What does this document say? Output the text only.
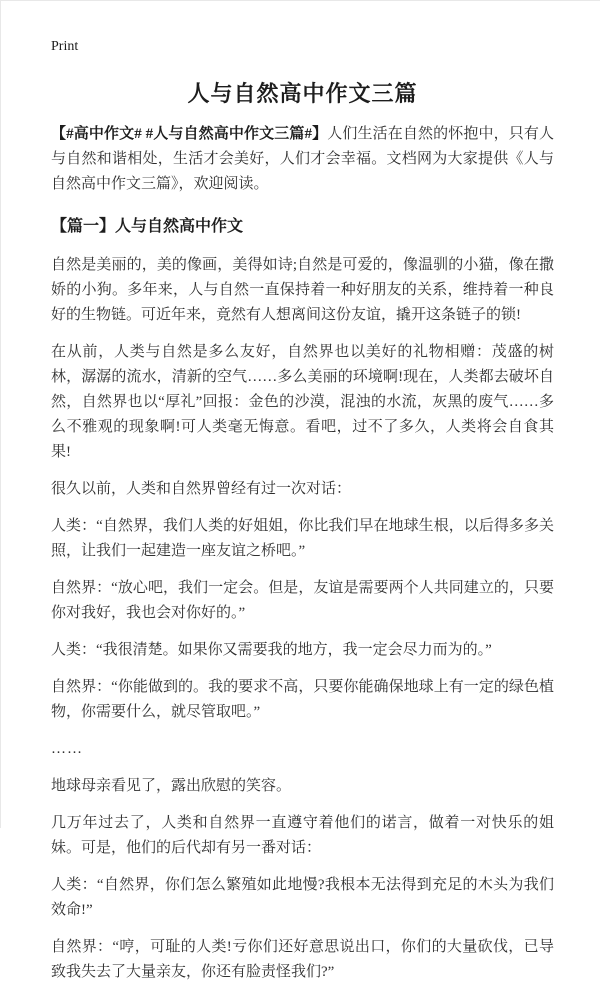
Print
人与自然高中作文三篇

【#高中作文# #人与自然高中作文三篇#】人们生活在自然的怀抱中，只有人与自然和谐相处，生活才会美好，人们才会幸福。文档网为大家提供《人与自然高中作文三篇》，欢迎阅读。

【篇一】人与自然高中作文

自然是美丽的，美的像画，美得如诗;自然是可爱的，像温驯的小猫，像在撒娇的小狗。多年来，人与自然一直保持着一种好朋友的关系，维持着一种良好的生物链。可近年来，竟然有人想离间这份友谊，撬开这条链子的锁!

在从前，人类与自然是多么友好，自然界也以美好的礼物相赠：茂盛的树林，潺潺的流水，清新的空气……多么美丽的环境啊!现在，人类都去破坏自然，自然界也以“厚礼”回报：金色的沙漠，混浊的水流，灰黑的废气……多么不雅观的现象啊!可人类毫无悔意。看吧，过不了多久，人类将会自食其果!

很久以前，人类和自然界曾经有过一次对话：

人类：“自然界，我们人类的好姐姐，你比我们早在地球生根，以后得多多关照，让我们一起建造一座友谊之桥吧。”

自然界：“放心吧，我们一定会。但是，友谊是需要两个人共同建立的，只要你对我好，我也会对你好的。”

人类：“我很清楚。如果你又需要我的地方，我一定会尽力而为的。”

自然界：“你能做到的。我的要求不高，只要你能确保地球上有一定的绿色植物，你需要什么，就尽管取吧。”

……

地球母亲看见了，露出欣慰的笑容。

几万年过去了，人类和自然界一直遵守着他们的诺言，做着一对快乐的姐妹。可是，他们的后代却有另一番对话：

人类：“自然界，你们怎么繁殖如此地慢?我根本无法得到充足的木头为我们效命!”

自然界：“哼，可耻的人类!亏你们还好意思说出口，你们的大量砍伐，已导致我失去了大量亲友，你还有脸责怪我们?”
